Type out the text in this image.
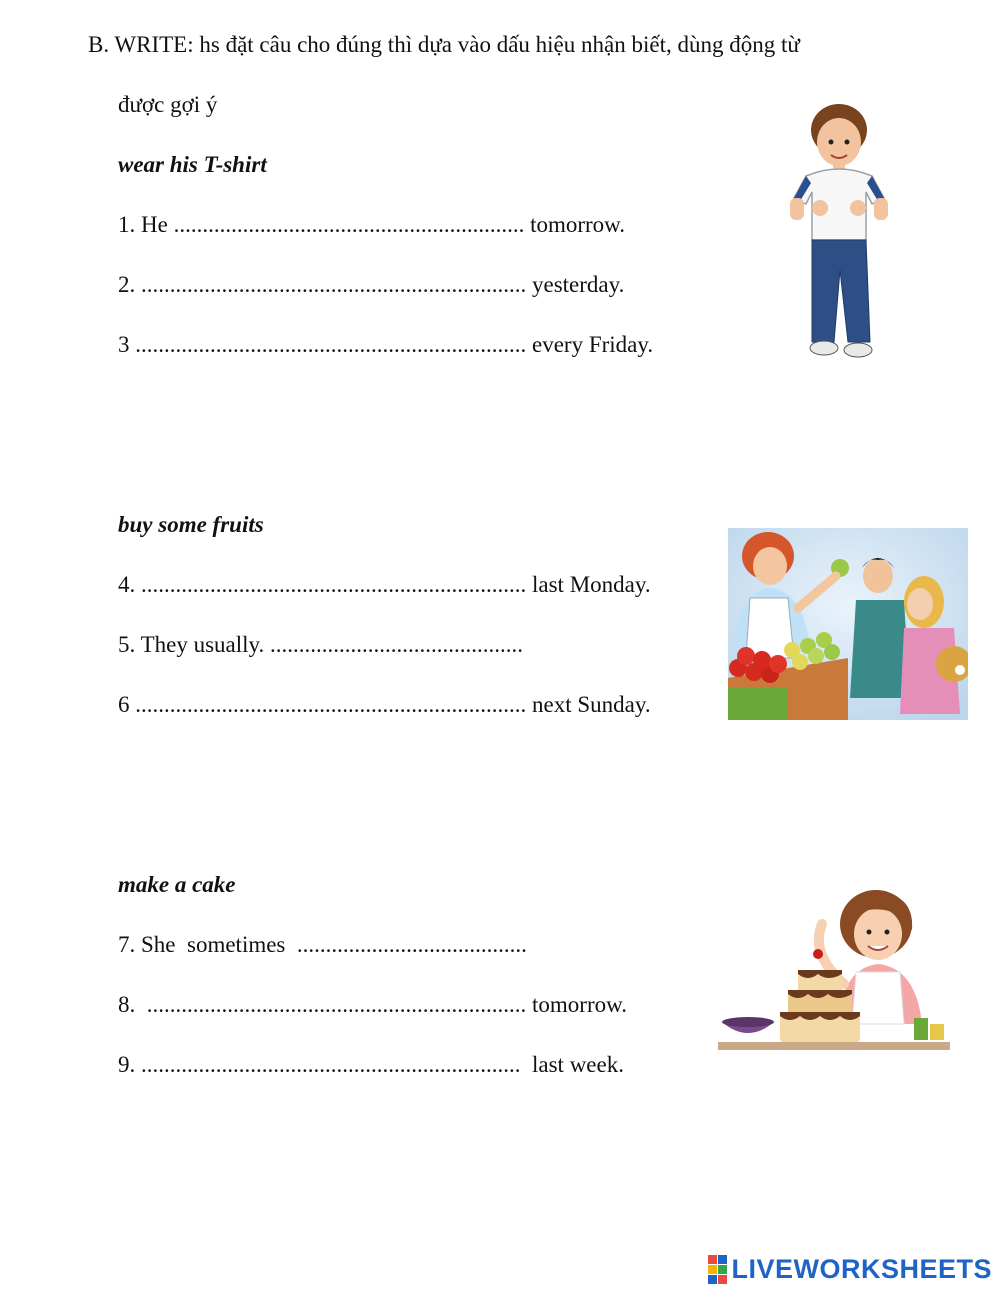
B. WRITE: hs đặt câu cho đúng thì dựa vào dấu hiệu nhận biết, dùng động từ
được gợi ý
wear his T-shirt
1. He ............................................................. tomorrow.
2. ................................................................... yesterday.
3 .................................................................... every Friday.
buy some fruits
4. ................................................................... last Monday.
5. They usually. ............................................
6 .................................................................... next Sunday.
make a cake
7. She  sometimes  ........................................
8.  .................................................................. tomorrow.
9. ..................................................................  last week.
LIVEWORKSHEETS
